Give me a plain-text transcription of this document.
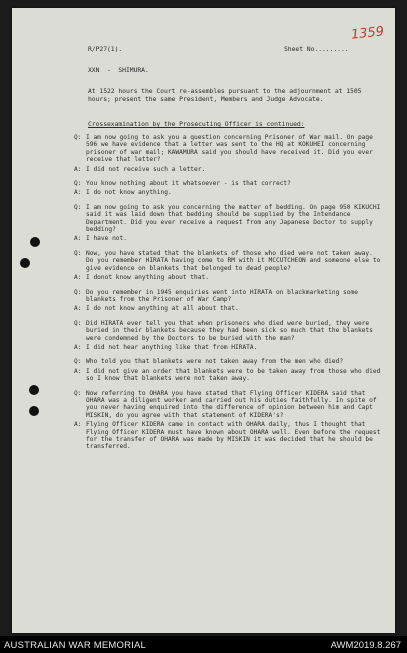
R/P27(1).	Sheet No.........
1359
XXN  -  SHIMURA.
At 1522 hours the Court re-assembles pursuant to the adjournment at 1505 hours; present the same President, Members and Judge Advocate.
Crossexamination by the Prosecuting Officer is continued:
Q: I am now going to ask you a question concerning Prisoner of War mail. On page 596 we have evidence that a letter was sent to the HQ at KOKUHEI concerning prisoner of war mail; KAWAMURA said you should have received it. Did you ever receive that letter?
A: I did not receive such a letter.
Q: You know nothing about it whatsoever - is that correct?
A: I do not know anything.
Q: I am now going to ask you concerning the matter of bedding. On page 950 KIKUCHI said it was laid down that bedding should be supplied by the Intendance Department. Did you ever receive a request from any Japanese Doctor to supply bedding?
A: I have not.
Q: Now, you have stated that the blankets of those who died were not taken away. Do you remember HIRATA having come to RM with Lt MCCUTCHEON and someone else to give evidence on blankets that belonged to dead people?
A: I donot know anything about that.
Q: Do you remember in 1945 enquiries went into HIRATA on blackmarketing some blankets from the Prisoner of War Camp?
A: I do not know anything at all about that.
Q: Did HIRATA ever tell you that when prisoners who died were buried, they were buried in their blankets because they had been sick so much that the blankets were condemned by the Doctors to be buried with the man?
A: I did not hear anything like that from HIRATA.
Q: Who told you that blankets were not taken away from the men who died?
A: I did not give an order that blankets were to be taken away from those who died so I know that blankets were not taken away.
Q: Now referring to OHARA you have stated that Flying Officer KIDERA said that OHARA was a diligent worker and carried out his duties faithfully. In spite of you never having enquired into the difference of opinion between him and Capt MISKIN, do you agree with that statement of KIDERA's?
A: Flying Officer KIDERA came in contact with OHARA daily, thus I thought that Flying Officer KIDERA must have known about OHARA well. Even before the request for the transfer of OHARA was made by MISKIN it was decided that he should be transferred.
AUSTRALIAN WAR MEMORIAL	AWM2019.8.267
